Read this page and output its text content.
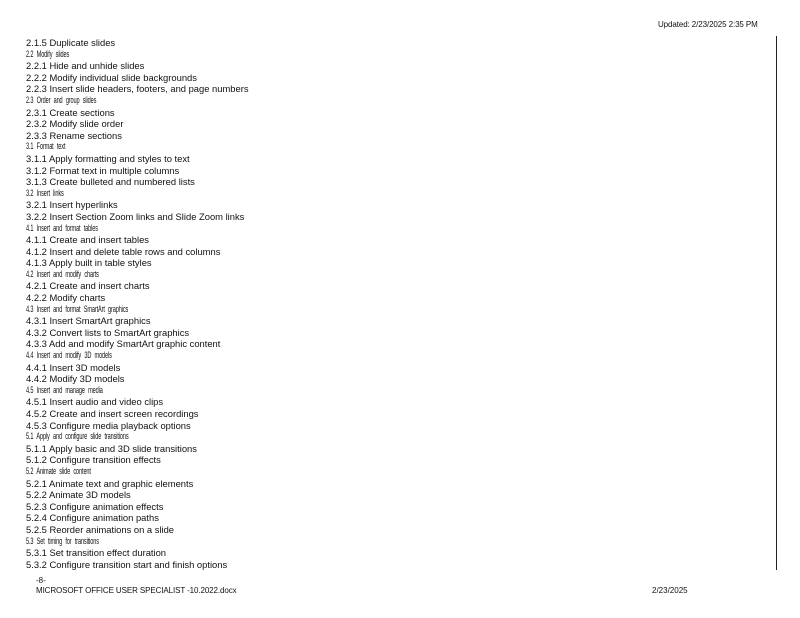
Updated: 2/23/2025 2:35 PM
2.1.5 Duplicate slides
2.2 Modify slides
2.2.1 Hide and unhide slides
2.2.2 Modify individual slide backgrounds
2.2.3 Insert slide headers, footers, and page numbers
2.3 Order and group slides
2.3.1 Create sections
2.3.2 Modify slide order
2.3.3 Rename sections
3.1 Format text
3.1.1 Apply formatting and styles to text
3.1.2 Format text in multiple columns
3.1.3 Create bulleted and numbered lists
3.2 Insert links
3.2.1 Insert hyperlinks
3.2.2 Insert Section Zoom links and Slide Zoom links
4.1 Insert and format tables
4.1.1 Create and insert tables
4.1.2 Insert and delete table rows and columns
4.1.3 Apply built in table styles
4.2 Insert and modify charts
4.2.1 Create and insert charts
4.2.2 Modify charts
4.3 Insert and format SmartArt graphics
4.3.1 Insert SmartArt graphics
4.3.2 Convert lists to SmartArt graphics
4.3.3 Add and modify SmartArt graphic content
4.4 Insert and modify 3D models
4.4.1 Insert 3D models
4.4.2 Modify 3D models
4.5 Insert and manage media
4.5.1 Insert audio and video clips
4.5.2 Create and insert screen recordings
4.5.3 Configure media playback options
5.1 Apply and configure slide transitions
5.1.1 Apply basic and 3D slide transitions
5.1.2 Configure transition effects
5.2 Animate slide content
5.2.1 Animate text and graphic elements
5.2.2 Animate 3D models
5.2.3 Configure animation effects
5.2.4 Configure animation paths
5.2.5 Reorder animations on a slide
5.3 Set timing for transitions
5.3.1 Set transition effect duration
5.3.2 Configure transition start and finish options
-8-
MICROSOFT OFFICE USER SPECIALIST -10.2022.docx	2/23/2025
